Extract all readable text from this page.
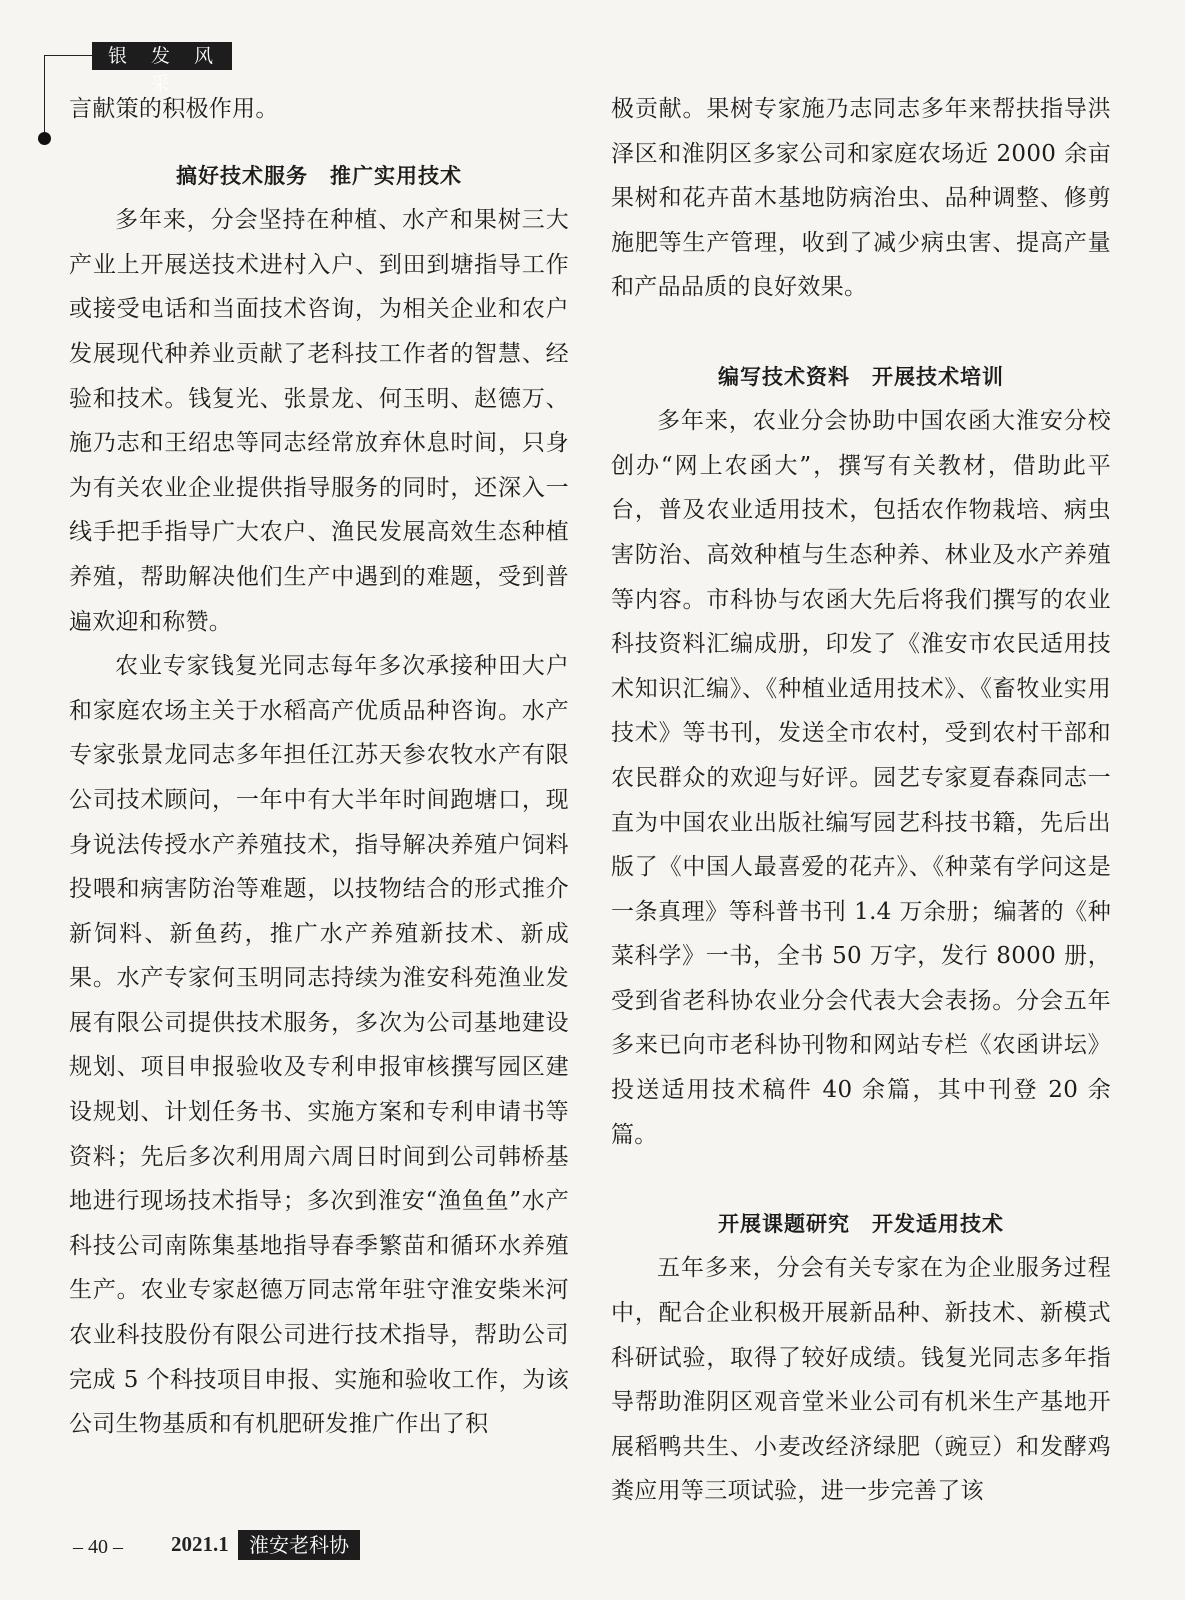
银 发 风 采

言献策的积极作用。

搞好技术服务　推广实用技术

多年来，分会坚持在种植、水产和果树三大产业上开展送技术进村入户、到田到塘指导工作或接受电话和当面技术咨询，为相关企业和农户发展现代种养业贡献了老科技工作者的智慧、经验和技术。钱复光、张景龙、何玉明、赵德万、施乃志和王绍忠等同志经常放弃休息时间，只身为有关农业企业提供指导服务的同时，还深入一线手把手指导广大农户、渔民发展高效生态种植养殖，帮助解决他们生产中遇到的难题，受到普遍欢迎和称赞。

农业专家钱复光同志每年多次承接种田大户和家庭农场主关于水稻高产优质品种咨询。水产专家张景龙同志多年担任江苏天参农牧水产有限公司技术顾问，一年中有大半年时间跑塘口，现身说法传授水产养殖技术，指导解决养殖户饲料投喂和病害防治等难题，以技物结合的形式推介新饲料、新鱼药，推广水产养殖新技术、新成果。水产专家何玉明同志持续为淮安科苑渔业发展有限公司提供技术服务，多次为公司基地建设规划、项目申报验收及专利申报审核撰写园区建设规划、计划任务书、实施方案和专利申请书等资料；先后多次利用周六周日时间到公司韩桥基地进行现场技术指导；多次到淮安“渔鱼鱼”水产科技公司南陈集基地指导春季繁苗和循环水养殖生产。农业专家赵德万同志常年驻守淮安柴米河农业科技股份有限公司进行技术指导，帮助公司完成 5 个科技项目申报、实施和验收工作，为该公司生物基质和有机肥研发推广作出了积

极贡献。果树专家施乃志同志多年来帮扶指导洪泽区和淮阴区多家公司和家庭农场近 2000 余亩果树和花卉苗木基地防病治虫、品种调整、修剪施肥等生产管理，收到了减少病虫害、提高产量和产品品质的良好效果。

编写技术资料　开展技术培训

多年来，农业分会协助中国农函大淮安分校创办“网上农函大”，撰写有关教材，借助此平台，普及农业适用技术，包括农作物栽培、病虫害防治、高效种植与生态种养、林业及水产养殖等内容。市科协与农函大先后将我们撰写的农业科技资料汇编成册，印发了《淮安市农民适用技术知识汇编》、《种植业适用技术》、《畜牧业实用技术》等书刊，发送全市农村，受到农村干部和农民群众的欢迎与好评。园艺专家夏春森同志一直为中国农业出版社编写园艺科技书籍，先后出版了《中国人最喜爱的花卉》、《种菜有学问这是一条真理》等科普书刊 1.4 万余册；编著的《种菜科学》一书，全书 50 万字，发行 8000 册，受到省老科协农业分会代表大会表扬。分会五年多来已向市老科协刊物和网站专栏《农函讲坛》投送适用技术稿件 40 余篇，其中刊登 20 余篇。

开展课题研究　开发适用技术

五年多来，分会有关专家在为企业服务过程中，配合企业积极开展新品种、新技术、新模式科研试验，取得了较好成绩。钱复光同志多年指导帮助淮阴区观音堂米业公司有机米生产基地开展稻鸭共生、小麦改经济绿肥（豌豆）和发酵鸡粪应用等三项试验，进一步完善了该

– 40 – 2021.1	淮安老科协
